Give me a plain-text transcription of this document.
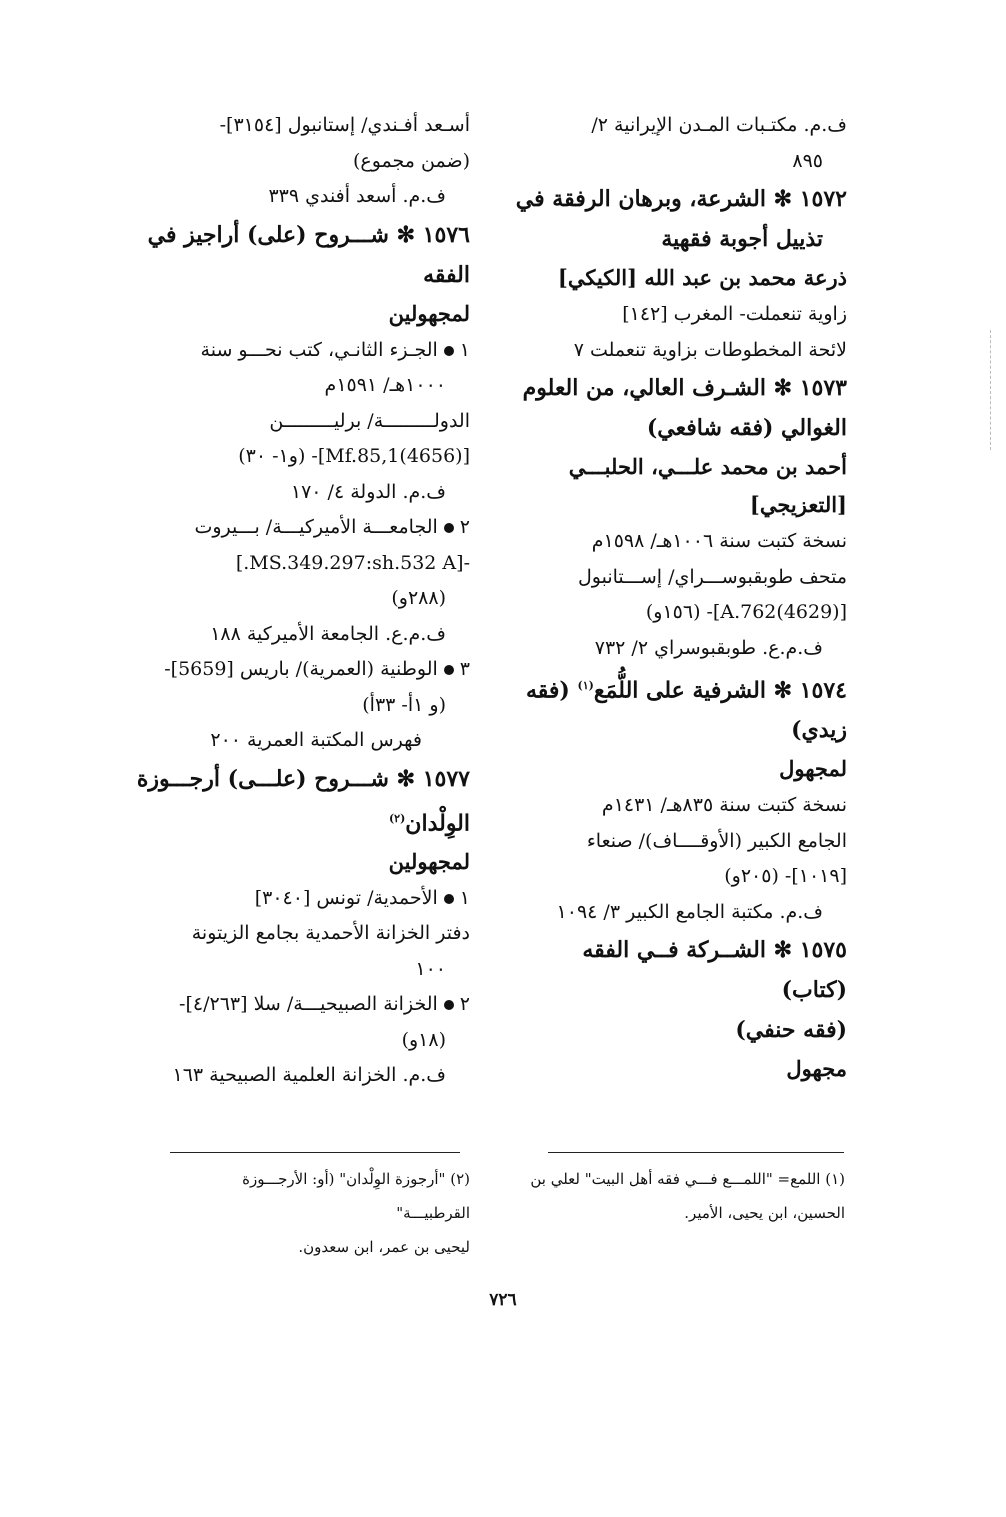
ف.م. مكتـبات المـدن الإيرانية ٢/
٨٩٥
١٥٧٢ ✻ الشرعة، وبرهان الرفقة في
تذييل أجوبة فقهية
ذرعة محمد بن عبد الله [الكيكي]
زاوية تنعملت- المغرب [١٤٢]
لائحة المخطوطات بزاوية تنعملت ٧
١٥٧٣ ✻ الشـرف العالي، من العلوم
الغوالي (فقه شافعي)
أحمد بن محمد علـــي، الحلبـــي
[التعزيجي]
نسخة كتبت سنة ١٠٠٦هـ/ ١٥٩٨م
متحف طوبقبوســـراي/ إســـتانبول
[(4629)A.762]- (١٥٦و)
ف.م.ع. طوبقبوسراي ٢/ ٧٣٢
١٥٧٤ ✻ الشرفية على اللُّمَع$^{(١)}$ (فقه
زيدي)
لمجهول
نسخة كتبت سنة ٨٣٥هـ/ ١٤٣١م
الجامع الكبير (الأوقــــاف)/ صنعاء
[١٠١٩]- (٢٠٥و)
ف.م. مكتبة الجامع الكبير ٣/ ١٠٩٤
١٥٧٥ ✻ الشــركة فــي الفقه (كتاب)
(فقه حنفي)
مجهول
أسـعد أفـندي/ إستانبول [٣١٥٤]-
(ضمن مجموع)
ف.م. أسعد أفندي ٣٣٩
١٥٧٦ ✻ شـــروح (على) أراجيز في
الفقه
لمجهولين
١الجـزء الثانـي، كتب نحـــو سنة
١٠٠٠هـ/ ١٥٩١م
الدولـــــــــة/ برليـــــــــن
[(4656)Mf.85,1]- (و١- ٣٠)
ف.م. الدولة ٤/ ١٧٠
٢الجامعـــة الأميركيـــة/ بـــيروت
-[MS.349.297:sh.532 A.]
(٢٨٨و)
ف.م.ع. الجامعة الأميركية ١٨٨
٣الوطنية (العمرية)/ باريس [5659]-
(و ١أ- ٣٣أ)
فهرس المكتبة العمرية ٢٠٠
١٥٧٧ ✻ شـــروح (علـــى) أرجـــوزة
الوِلْدان$^{(٢)}$
لمجهولين
١الأحمدية/ تونس [٣٠٤٠]
دفتر الخزانة الأحمدية بجامع الزيتونة
١٠٠
٢الخزانة الصبيحيـــة/ سلا [٤/٢٦٣]-
(١٨و)
ف.م. الخزانة العلمية الصبيحية ١٦٣
(١) اللمع= "اللمـــع فـــي فقه أهل البيت" لعلي بن
الحسين، ابن يحيى، الأمير.
(٢) "أرجوزة الوِلْدان" (أو: الأرجـــوزة القرطبيـــة"
ليحيى بن عمر، ابن سعدون.
٧٢٦
